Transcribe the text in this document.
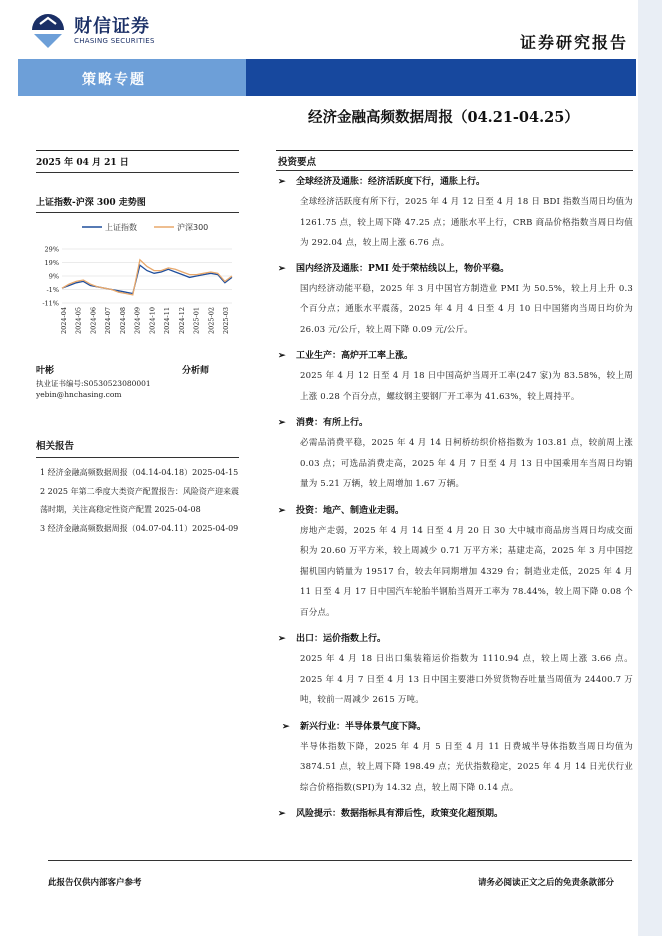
财信证券
CHASING SECURITIES	证券研究报告
策略专题
经济金融高频数据周报（04.21-04.25）
2025 年 04 月 21 日
上证指数-沪深 300 走势图
上证指数	沪深300
29%
19%
9%
-1%
-11%
2024-04 2024-05 2024-06 2024-07 2024-08 2024-09 2024-10 2024-11 2024-12 2025-01 2025-02 2025-03
叶彬	分析师
执业证书编号:S0530523080001
yebin@hnchasing.com
相关报告
1 经济金融高频数据周报（04.14-04.18）2025-04-15
2 2025 年第二季度大类资产配置报告：风险资产迎来震荡时期，关注高稳定性资产配置 2025-04-08
3 经济金融高频数据周报（04.07-04.11）2025-04-09
投资要点
➢ 全球经济及通胀：经济活跃度下行，通胀上行。
全球经济活跃度有所下行，2025 年 4 月 12 日至 4 月 18 日 BDI 指数当周日均值为 1261.75 点，较上周下降 47.25 点；通胀水平上行，CRB 商品价格指数当周日均值为 292.04 点，较上周上涨 6.76 点。
➢ 国内经济及通胀：PMI 处于荣枯线以上，物价平稳。
国内经济动能平稳，2025 年 3 月中国官方制造业 PMI 为 50.5%，较上月上升 0.3 个百分点；通胀水平震荡，2025 年 4 月 4 日至 4 月 10 日中国猪肉当周日均价为 26.03 元/公斤，较上周下降 0.09 元/公斤。
➢ 工业生产：高炉开工率上涨。
2025 年 4 月 12 日至 4 月 18 日中国高炉当周开工率(247 家)为 83.58%，较上周上涨 0.28 个百分点，螺纹钢主要钢厂开工率为 41.63%，较上周持平。
➢ 消费：有所上行。
必需品消费平稳，2025 年 4 月 14 日柯桥纺织价格指数为 103.81 点，较前周上涨 0.03 点；可选品消费走高，2025 年 4 月 7 日至 4 月 13 日中国乘用车当周日均销量为 5.21 万辆，较上周增加 1.67 万辆。
➢ 投资：地产、制造业走弱。
房地产走弱，2025 年 4 月 14 日至 4 月 20 日 30 大中城市商品房当周日均成交面积为 20.60 万平方米，较上周减少 0.71 万平方米；基建走高，2025 年 3 月中国挖掘机国内销量为 19517 台，较去年同期增加 4329 台；制造业走低，2025 年 4 月 11 日至 4 月 17 日中国汽车轮胎半钢胎当周开工率为 78.44%，较上周下降 0.08 个百分点。
➢ 出口：运价指数上行。
2025 年 4 月 18 日出口集装箱运价指数为 1110.94 点，较上周上涨 3.66 点。2025 年 4 月 7 日至 4 月 13 日中国主要港口外贸货物吞吐量当周值为 24400.7 万吨，较前一周减少 2615 万吨。
➢ 新兴行业：半导体景气度下降。
半导体指数下降，2025 年 4 月 5 日至 4 月 11 日费城半导体指数当周日均值为 3874.51 点，较上周下降 198.49 点；光伏指数稳定，2025 年 4 月 14 日光伏行业综合价格指数(SPI)为 14.32 点，较上周下降 0.14 点。
➢ 风险提示：数据指标具有滞后性，政策变化超预期。
此报告仅供内部客户参考	请务必阅读正文之后的免责条款部分
